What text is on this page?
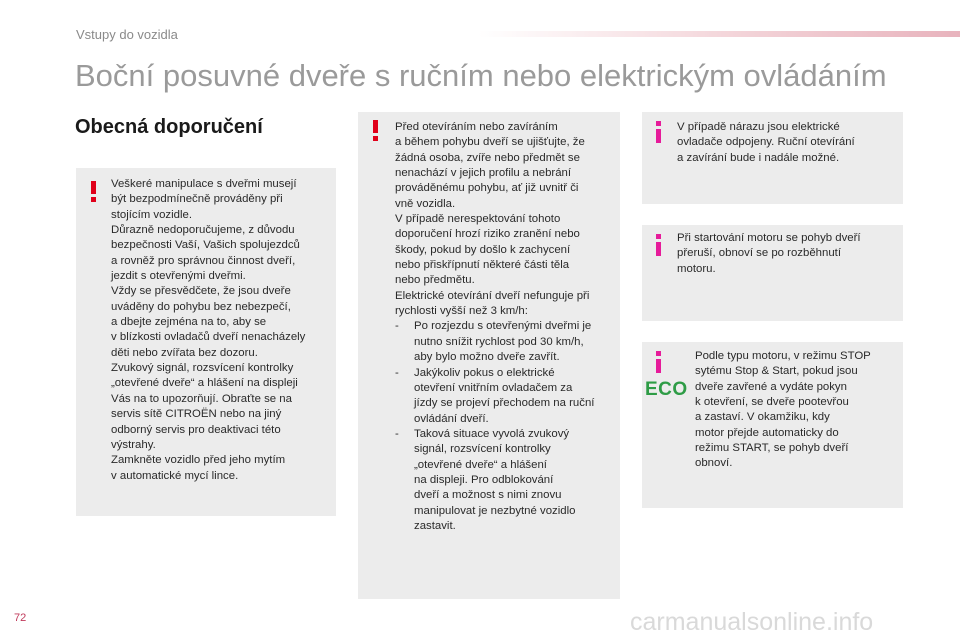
Vstupy do vozidla
Boční posuvné dveře s ručním nebo elektrickým ovládáním
Obecná doporučení

Veškeré manipulace s dveřmi musejí

být bezpodmínečně prováděny při

stojícím vozidle.

Důrazně nedoporučujeme, z důvodu

bezpečnosti Vaší, Vašich spolujezdců

a rovněž pro správnou činnost dveří,

jezdit s otevřenými dveřmi.

Vždy se přesvědčete, že jsou dveře

uváděny do pohybu bez nebezpečí,

a dbejte zejména na to, aby se

v blízkosti ovladačů dveří nenacházely

děti nebo zvířata bez dozoru.

Zvukový signál, rozsvícení kontrolky

„otevřené dveře“ a hlášení na displeji

Vás na to upozorňují. Obraťte se na

servis sítě CITROËN nebo na jiný

odborný servis pro deaktivaci této

výstrahy.

Zamkněte vozidlo před jeho mytím

v automatické mycí lince.

Před otevíráním nebo zavíráním

a během pohybu dveří se ujišťujte, že

žádná osoba, zvíře nebo předmět se

nenachází v jejich profilu a nebrání

prováděnému pohybu, ať již uvnitř či

vně vozidla.

V případě nerespektování tohoto

doporučení hrozí riziko zranění nebo

škody, pokud by došlo k zachycení

nebo přiskřípnutí některé části těla

nebo předmětu.

Elektrické otevírání dveří nefunguje při

rychlosti vyšší než 3 km/h:

-	Po rozjezdu s otevřenými dveřmi je

nutno snížit rychlost pod 30 km/h,

aby bylo možno dveře zavřít.

-	Jakýkoliv pokus o elektrické

otevření vnitřním ovladačem za

jízdy se projeví přechodem na ruční

ovládání dveří.

-	Taková situace vyvolá zvukový

signál, rozsvícení kontrolky

„otevřené dveře“ a hlášení

na displeji. Pro odblokování

dveří a možnost s nimi znovu

manipulovat je nezbytné vozidlo

zastavit.

V případě nárazu jsou elektrické

ovladače odpojeny. Ruční otevírání

a zavírání bude i nadále možné.

Při startování motoru se pohyb dveří

přeruší, obnoví se po rozběhnutí

motoru.

ECO

Podle typu motoru, v režimu STOP

sytému Stop & Start, pokud jsou

dveře zavřené a vydáte pokyn

k otevření, se dveře pootevřou

a zastaví. V okamžiku, kdy

motor přejde automaticky do

režimu START, se pohyb dveří

obnoví.

72	carmanualsonline.info
